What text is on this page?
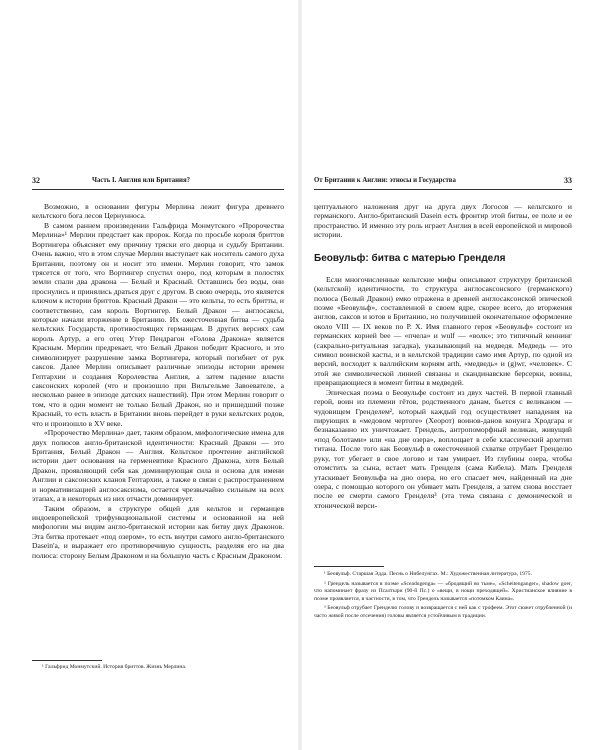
32	Часть I. Англия или Британия?

Возможно, в основании фигуры Мерлина лежит фигура древнего кельтского бога лесов Цернунноса.

В самом раннем произведении Гальфрида Монмутского «Пророчества Мерлина»¹ Мерлин предстает как пророк. Когда по просьбе короля бриттов Вортингера объясняет ему причину тряски его дворца и судьбу Британии. Очень важно, что в этом случае Мерлин выступает как носитель самого духа Британии, поэтому он и носит это имени. Мерлин говорит, что замок трясется от того, что Вортингер спустил озеро, под которым в полостях земли спали два дракона — Белый и Красный. Оставшись без воды, они проснулись и принялись драться друг с другом. В свою очередь, это является ключом к истории бриттов. Красный Дракон — это кельты, то есть бритты, и соответственно, сам король Вортингер. Белый Дракон — англосаксы, которые начали вторжение в Британию. Их ожесточенная битва — судьба кельтских Государств, противостоящих германцам. В других версиях сам король Артур, а его отец Утер Пендрагон «Голова Дракона» является Красным. Мерлин предрекает, что Белый Дракон победит Красного, и это символизирует разрушение замка Вортингера, который погибнет от рук саксов. Далее Мерлин описывает различные эпизоды истории времен Гептархии и создания Королевства Англия, а затем падение власти саксонских королей (что и произошло при Вильгельме Завоевателе, а несколько ранее в эпизоде датских нашествий). При этом Мерлин говорит о том, что в один момент не только Белый Дракон, но и пришедший позже Красный, то есть власть в Британии вновь перейдет в руки кельтских родов, что и произошло в XV веке.

«Пророчество Мерлина» дает, таким образом, мифологические имена для двух полюсов англо-британской идентичности: Красный Дракон — это Британия, Белый Дракон — Англия. Кельтское прочтение английской истории дает основания на герменевтике Красного Дракона, хотя Белый Дракон, проявляющий себя как доминирующая сила и основа для имени Англии и саксонских кланов Гептархии, а также в связи с распространением и нормативизацией англосаксизма, остается чрезвычайно сильным на всех этапах, а в некоторых из них отчасти доминирует.

Таким образом, в структуре общей для кельтов и германцев индоевропейской трифункциональной системы и основанной на ней мифологии мы видим англо-британской истории как битву двух Драконов. Эта битва протекает «под озером», то есть внутри самого англо-британского Dasein'а, и выражает его противоречивую сущность, разделяя его на два полюса: сторону Белым Драконом и на большую часть с Красным Драконом.

¹ Гальфрид Монмутский. История бриттов. Жизнь Мерлина.

От Британии к Англии: этносы и Государства	33

цептуального наложения друг на друга двух Логосов — кельтского и германского. Англо-британский Dasein есть фронтир этой битвы, ее поле и ее пространство. И именно эту роль играет Англия в всей европейской и мировой истории.

Беовульф: битва с матерью Гренделя

Если многочисленные кельтские мифы описывают структуру британской (кельтской) идентичности, то структура англосаксонского (германского) полюса (Белый Дракон) емко отражена в древней англосаксонской эпической поэме «Беовульф», составленной в своем ядре, скорее всего, до вторжения англов, саксов и ютов в Британию, но получившей окончательное оформление около VIII — IX веков по Р. Х. Имя главного героя «Беовульф» состоит из германских корней bee — «пчела» и wulf — «волк»; это типичный кеннинг (сакрально-ритуальная загадка), указывающий на медведя. Медведь — это символ воинской касты, и в кельтской традиции само имя Артур, по одной из версий, восходит к валлийским корням arth, «медведь» и (g)wr, «человек». С этой же символической линией связаны и скандинавские берсерки, воины, превращающиеся в момент битвы в медведей.

Эпическая поэма о Беовульфе состоит из двух частей. В первой главный герой, воин из племени гётов, родственного данам, бьется с великаном — чудовищем Гренделем², который каждый год осуществляет нападения на пирующих в «медовом чертоге» (Хеорот) воинов-данов конунга Хродгара и безнаказанно их уничтожает. Грендель, антропоморфный великан, живущий «под болотами» или «на дне озера», воплощает в себе классический архетип титана. После того как Беовульф в ожесточенной схватке отрубает Гренделю руку, тот убегает в свое логово и там умирает. Из глубины озера, чтобы отомстить за сына, встает мать Гренделя (сама Кибела). Мать Гренделя утаскивает Беовульфа на дно озера, но его спасает меч, найденный на дне озера, с помощью которого он убивает мать Гренделя, а затем снова восстает после ее смерти самого Гренделя³ (эта тема связана с демонической и хтонической верси-

¹ Беовульф. Старшая Эдда. Песнь о Нибелунгах. М.: Художественная литература, 1975.

² Грендель называется в поэме «Sceadugenga» — «бродящий во тьме», «Scheitenganger», shadow goer, что напоминает фразу из Псалтыри (90-й Пс.) о «вещи, в нощи преходящей». Христианское влияние в поэме проявляется, в частности, в том, что Грендель называется «потомком Каина».

³ Беовульф отрубает Гренделю голову и возвращается с ней как с трофеем. Этот сюжет отрубленной (и часто живой после отсечения) головы является устойчивым в традиции.
